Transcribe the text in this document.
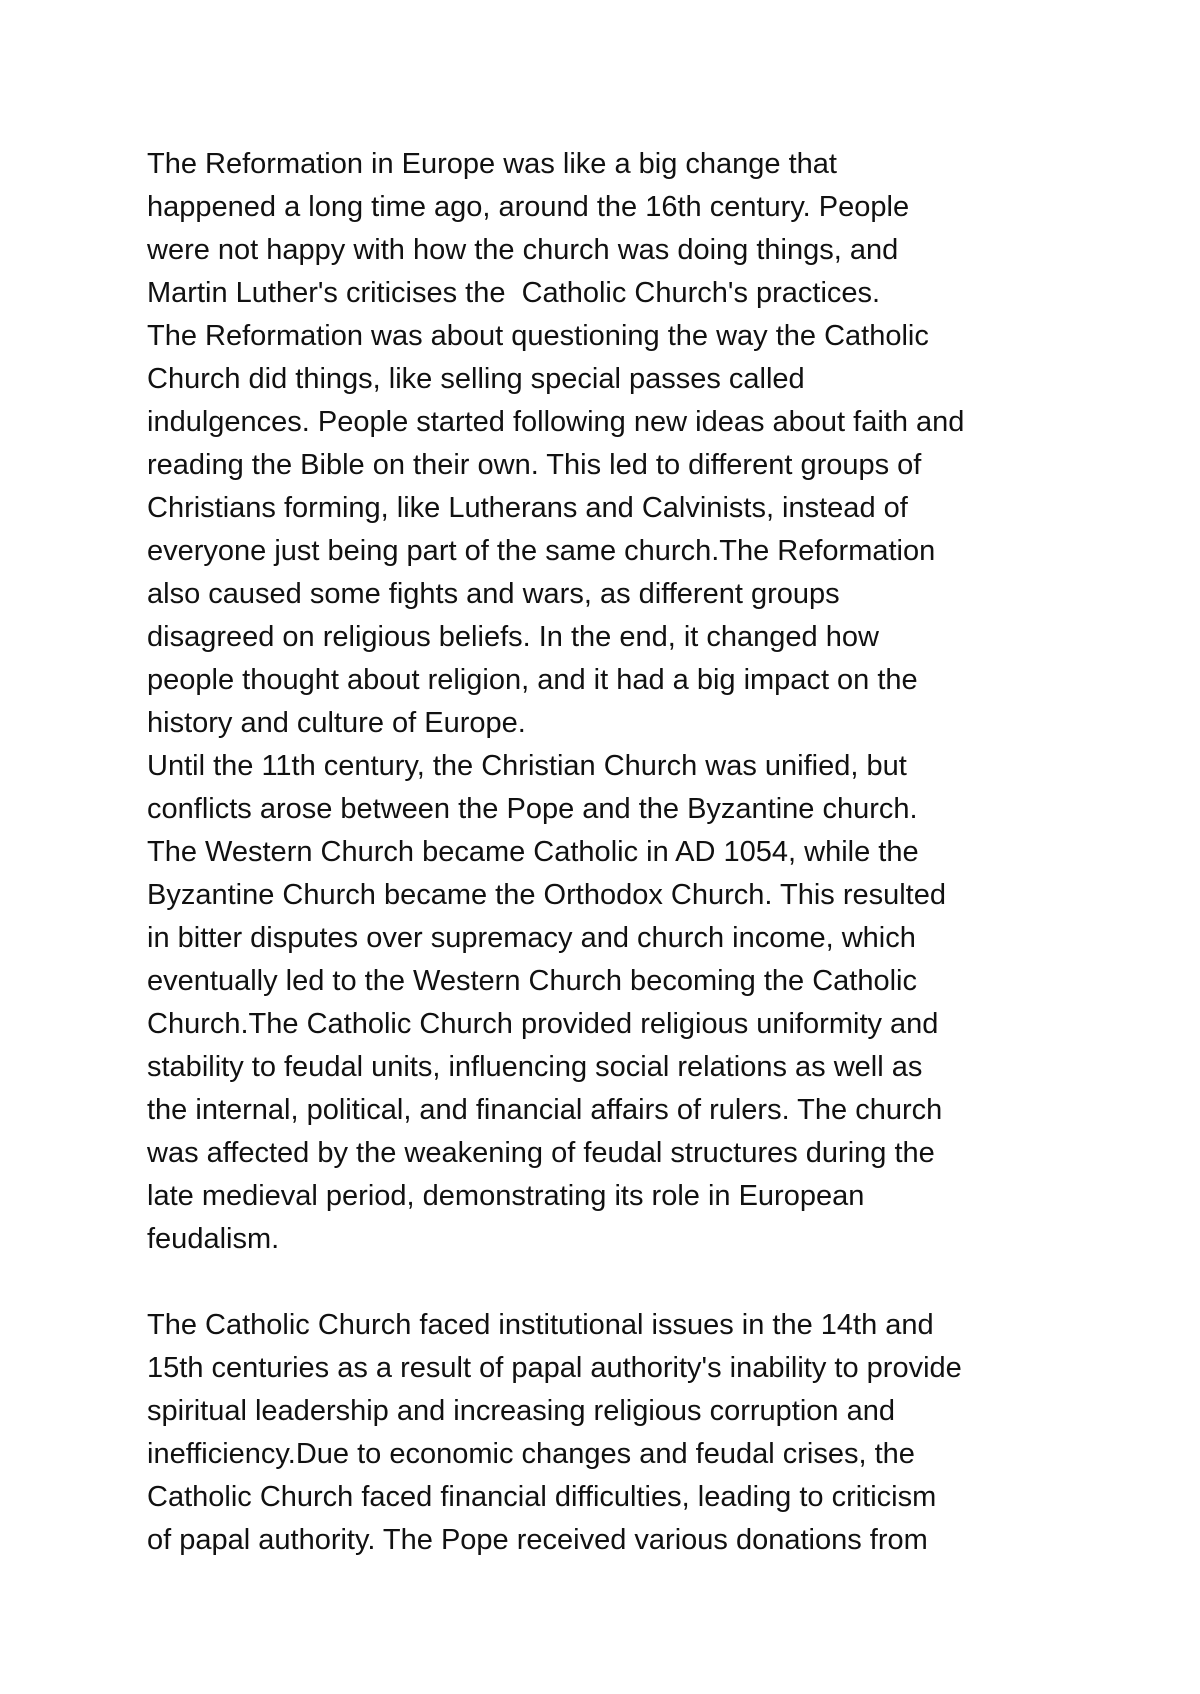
The Reformation in Europe was like a big change that
happened a long time ago, around the 16th century. People
were not happy with how the church was doing things, and
Martin Luther's criticises the  Catholic Church's practices.
The Reformation was about questioning the way the Catholic
Church did things, like selling special passes called
indulgences. People started following new ideas about faith and
reading the Bible on their own. This led to different groups of
Christians forming, like Lutherans and Calvinists, instead of
everyone just being part of the same church.The Reformation
also caused some fights and wars, as different groups
disagreed on religious beliefs. In the end, it changed how
people thought about religion, and it had a big impact on the
history and culture of Europe.
Until the 11th century, the Christian Church was unified, but
conflicts arose between the Pope and the Byzantine church.
The Western Church became Catholic in AD 1054, while the
Byzantine Church became the Orthodox Church. This resulted
in bitter disputes over supremacy and church income, which
eventually led to the Western Church becoming the Catholic
Church.The Catholic Church provided religious uniformity and
stability to feudal units, influencing social relations as well as
the internal, political, and financial affairs of rulers. The church
was affected by the weakening of feudal structures during the
late medieval period, demonstrating its role in European
feudalism.
The Catholic Church faced institutional issues in the 14th and
15th centuries as a result of papal authority's inability to provide
spiritual leadership and increasing religious corruption and
inefficiency.Due to economic changes and feudal crises, the
Catholic Church faced financial difficulties, leading to criticism
of papal authority. The Pope received various donations from
